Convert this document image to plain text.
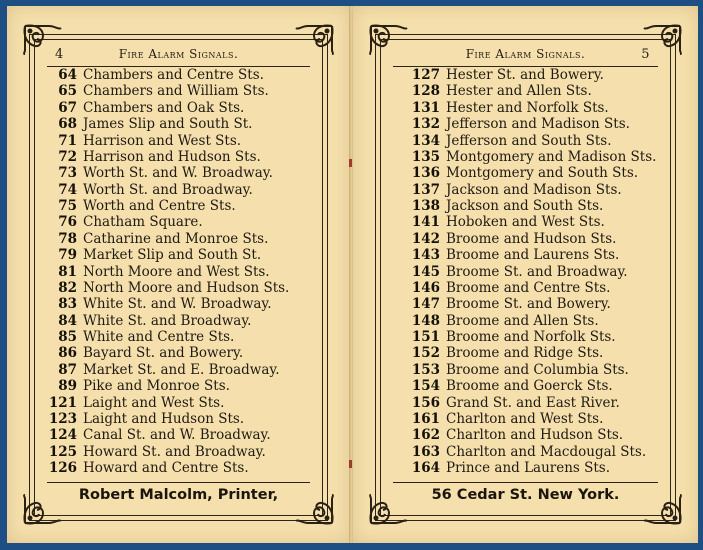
4	Fire Alarm Signals.
64 Chambers and Centre Sts.
65 Chambers and William Sts.
67 Chambers and Oak Sts.
68 James Slip and South St.
71 Harrison and West Sts.
72 Harrison and Hudson Sts.
73 Worth St. and W. Broadway.
74 Worth St. and Broadway.
75 Worth and Centre Sts.
76 Chatham Square.
78 Catharine and Monroe Sts.
79 Market Slip and South St.
81 North Moore and West Sts.
82 North Moore and Hudson Sts.
83 White St. and W. Broadway.
84 White St. and Broadway.
85 White and Centre Sts.
86 Bayard St. and Bowery.
87 Market St. and E. Broadway.
89 Pike and Monroe Sts.
121 Laight and West Sts.
123 Laight and Hudson Sts.
124 Canal St. and W. Broadway.
125 Howard St. and Broadway.
126 Howard and Centre Sts.
Robert Malcolm, Printer,
Fire Alarm Signals.	5
127 Hester St. and Bowery.
128 Hester and Allen Sts.
131 Hester and Norfolk Sts.
132 Jefferson and Madison Sts.
134 Jefferson and South Sts.
135 Montgomery and Madison Sts.
136 Montgomery and South Sts.
137 Jackson and Madison Sts.
138 Jackson and South Sts.
141 Hoboken and West Sts.
142 Broome and Hudson Sts.
143 Broome and Laurens Sts.
145 Broome St. and Broadway.
146 Broome and Centre Sts.
147 Broome St. and Bowery.
148 Broome and Allen Sts.
151 Broome and Norfolk Sts.
152 Broome and Ridge Sts.
153 Broome and Columbia Sts.
154 Broome and Goerck Sts.
156 Grand St. and East River.
161 Charlton and West Sts.
162 Charlton and Hudson Sts.
163 Charlton and Macdougal Sts.
164 Prince and Laurens Sts.
56 Cedar St. New York.
